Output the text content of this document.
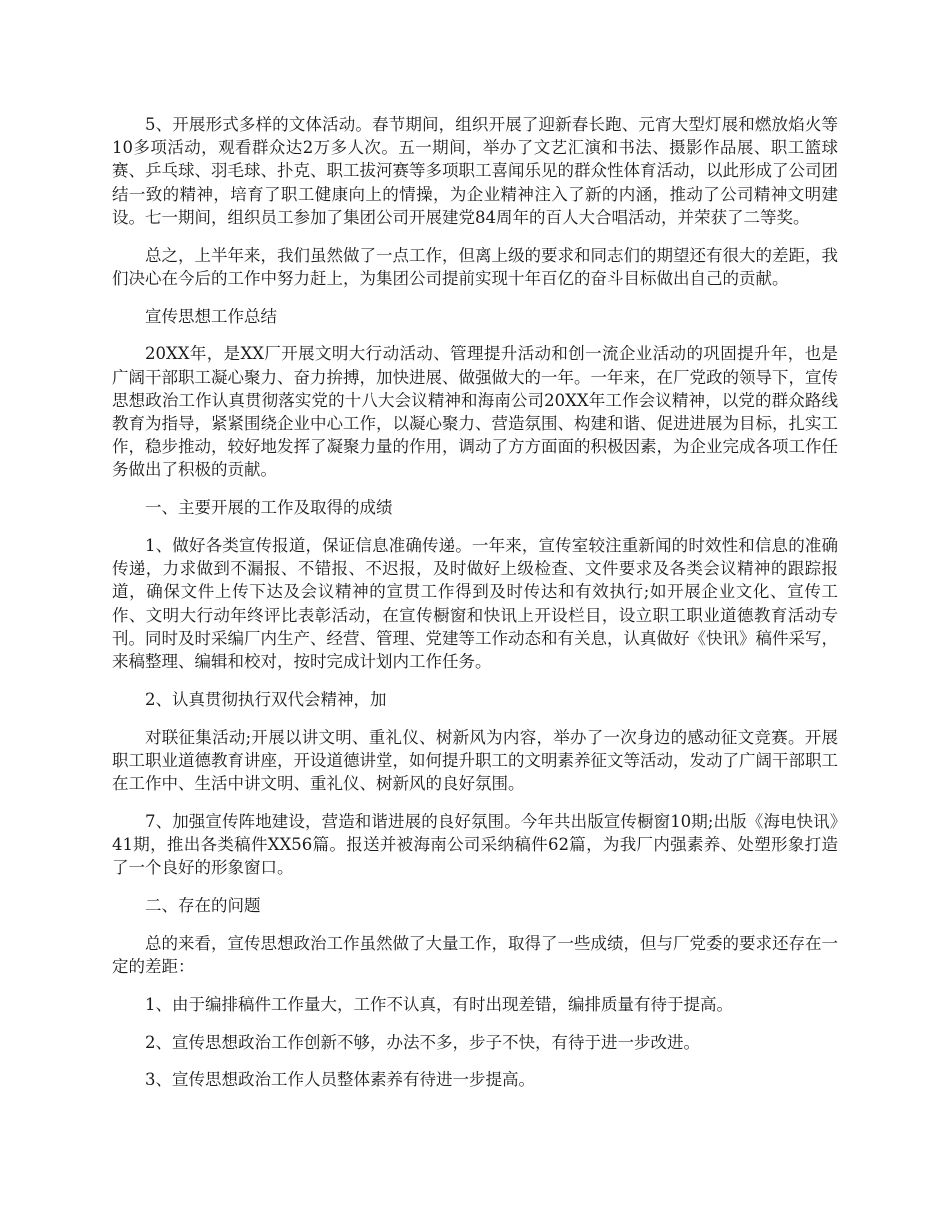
5、开展形式多样的文体活动。春节期间，组织开展了迎新春长跑、元宵大型灯展和燃放焰火等10多项活动，观看群众达2万多人次。五一期间，举办了文艺汇演和书法、摄影作品展、职工篮球赛、乒乓球、羽毛球、扑克、职工拔河赛等多项职工喜闻乐见的群众性体育活动，以此形成了公司团结一致的精神，培育了职工健康向上的情操，为企业精神注入了新的内涵，推动了公司精神文明建设。七一期间，组织员工参加了集团公司开展建党84周年的百人大合唱活动，并荣获了二等奖。

总之，上半年来，我们虽然做了一点工作，但离上级的要求和同志们的期望还有很大的差距，我们决心在今后的工作中努力赶上，为集团公司提前实现十年百亿的奋斗目标做出自己的贡献。

宣传思想工作总结

20XX年，是XX厂开展文明大行动活动、管理提升活动和创一流企业活动的巩固提升年，也是广阔干部职工凝心聚力、奋力拚搏，加快进展、做强做大的一年。一年来，在厂党政的领导下，宣传思想政治工作认真贯彻落实党的十八大会议精神和海南公司20XX年工作会议精神，以党的群众路线教育为指导，紧紧围绕企业中心工作，以凝心聚力、营造氛围、构建和谐、促进进展为目标，扎实工作，稳步推动，较好地发挥了凝聚力量的作用，调动了方方面面的积极因素，为企业完成各项工作任务做出了积极的贡献。

一、主要开展的工作及取得的成绩

1、做好各类宣传报道，保证信息准确传递。一年来，宣传室较注重新闻的时效性和信息的准确传递，力求做到不漏报、不错报、不迟报，及时做好上级检查、文件要求及各类会议精神的跟踪报道，确保文件上传下达及会议精神的宣贯工作得到及时传达和有效执行;如开展企业文化、宣传工作、文明大行动年终评比表彰活动，在宣传橱窗和快讯上开设栏目，设立职工职业道德教育活动专刊。同时及时采编厂内生产、经营、管理、党建等工作动态和有关息，认真做好《快讯》稿件采写，来稿整理、编辑和校对，按时完成计划内工作任务。

2、认真贯彻执行双代会精神，加

对联征集活动;开展以讲文明、重礼仪、树新风为内容，举办了一次身边的感动征文竞赛。开展职工职业道德教育讲座，开设道德讲堂，如何提升职工的文明素养征文等活动，发动了广阔干部职工在工作中、生活中讲文明、重礼仪、树新风的良好氛围。

7、加强宣传阵地建设，营造和谐进展的良好氛围。今年共出版宣传橱窗10期;出版《海电快讯》41期，推出各类稿件XX56篇。报送并被海南公司采纳稿件62篇，为我厂内强素养、处塑形象打造了一个良好的形象窗口。

二、存在的问题

总的来看，宣传思想政治工作虽然做了大量工作，取得了一些成绩，但与厂党委的要求还存在一定的差距：

1、由于编排稿件工作量大，工作不认真，有时出现差错，编排质量有待于提高。

2、宣传思想政治工作创新不够，办法不多，步子不快，有待于进一步改进。

3、宣传思想政治工作人员整体素养有待进一步提高。
